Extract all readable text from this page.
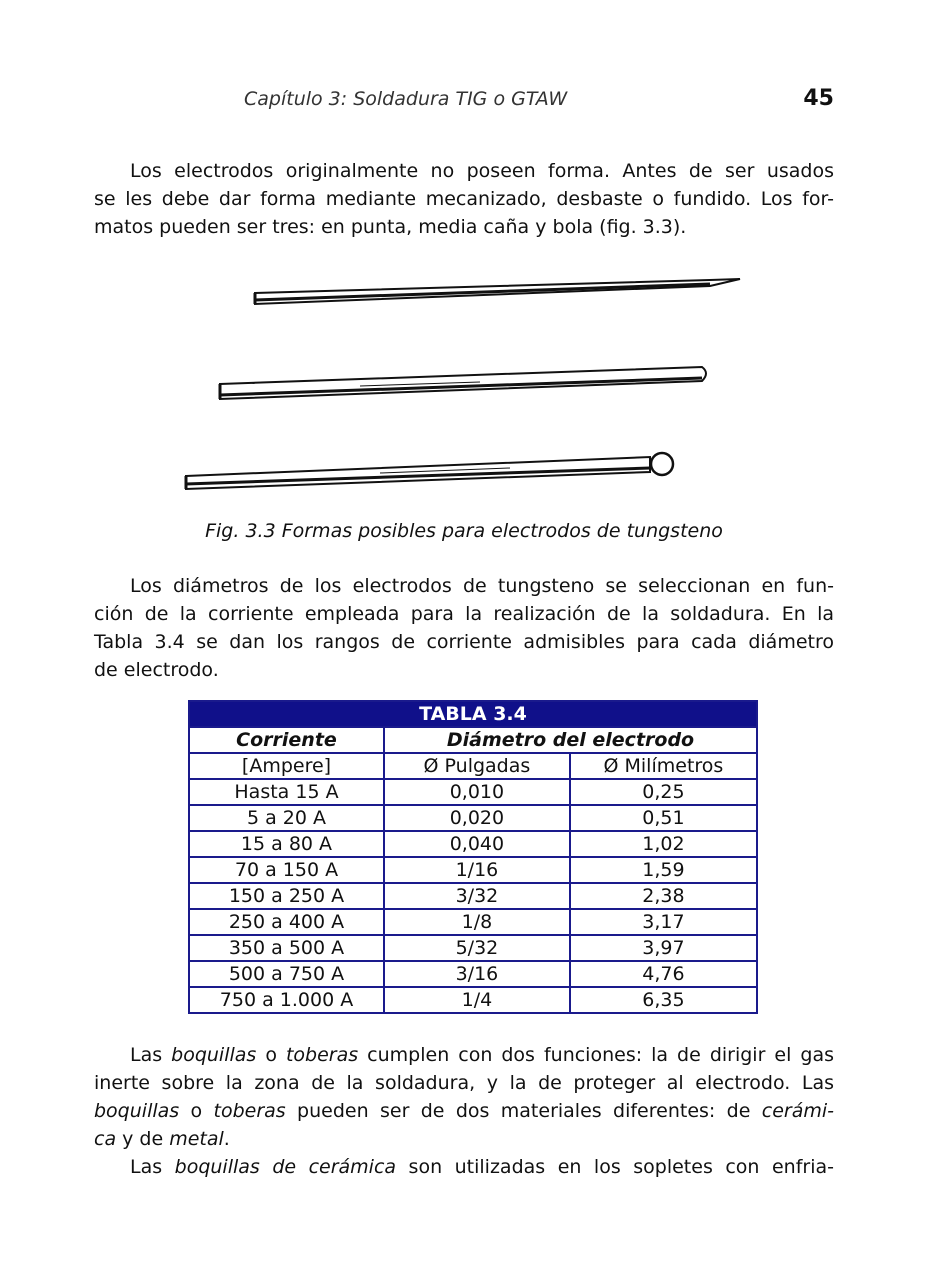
Capítulo 3: Soldadura TIG o GTAW	45
Los electrodos originalmente no poseen forma. Antes de ser usados
se les debe dar forma mediante mecanizado, desbaste o fundido. Los for-
matos pueden ser tres: en punta, media caña y bola (fig. 3.3).
Fig. 3.3 Formas posibles para electrodos de tungsteno
Los diámetros de los electrodos de tungsteno se seleccionan en fun-
ción de la corriente empleada para la realización de la soldadura. En la
Tabla 3.4 se dan los rangos de corriente admisibles para cada diámetro
de electrodo.
TABLA 3.4		
Corriente	Diámetro del electrodo	
[Ampere]	Ø Pulgadas	Ø Milímetros
Hasta 15 A	0,010	0,25
5 a 20 A	0,020	0,51
15 a 80 A	0,040	1,02
70 a 150 A	1/16	1,59
150 a 250 A	3/32	2,38
250 a 400 A	1/8	3,17
350 a 500 A	5/32	3,97
500 a 750 A	3/16	4,76
750 a 1.000 A	1/4	6,35
Las boquillas o toberas cumplen con dos funciones: la de dirigir el gas
inerte sobre la zona de la soldadura, y la de proteger al electrodo. Las
boquillas o toberas pueden ser de dos materiales diferentes: de cerámi-
ca y de metal.
Las boquillas de cerámica son utilizadas en los sopletes con enfria-
